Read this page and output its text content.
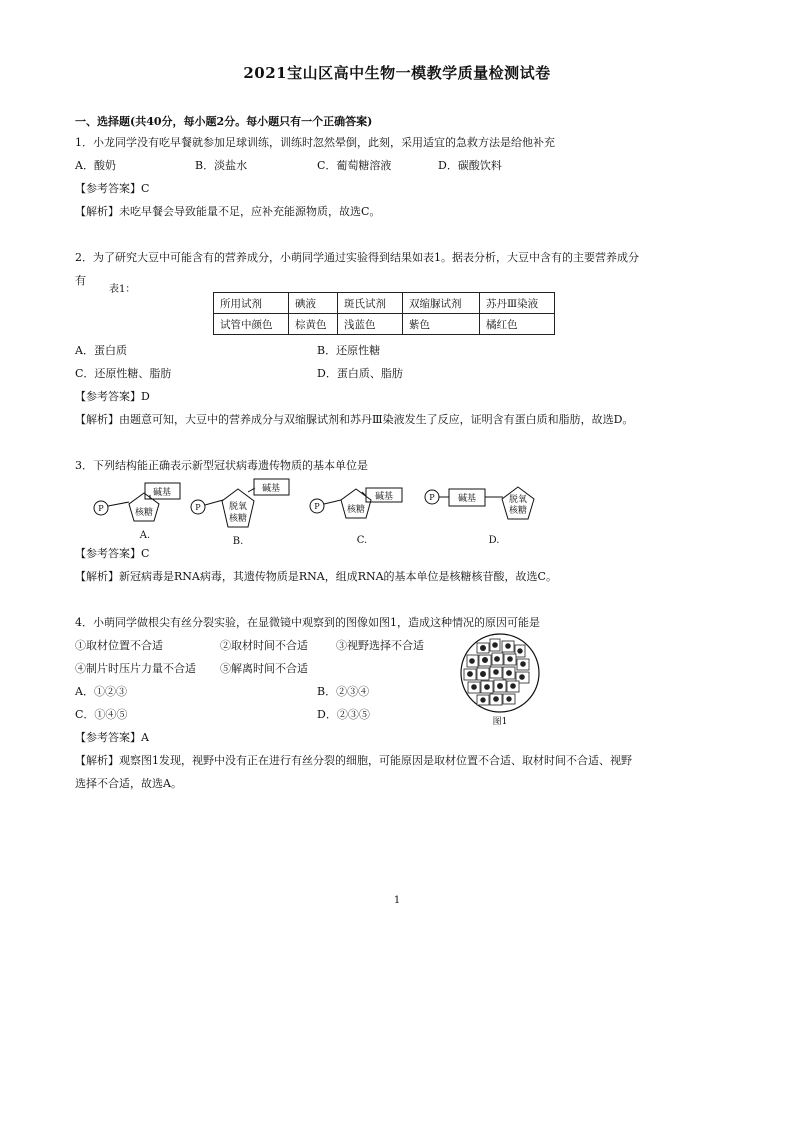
2021宝山区高中生物一模教学质量检测试卷
一、选择题(共40分，每小题2分。每小题只有一个正确答案)
1．小龙同学没有吃早餐就参加足球训练，训练时忽然晕倒，此刻，采用适宜的急救方法是给他补充
A．酸奶	B．淡盐水	C．葡萄糖溶液	D．碳酸饮料
【参考答案】C
【解析】未吃早餐会导致能量不足，应补充能源物质，故选C。
2．为了研究大豆中可能含有的营养成分，小萌同学通过实验得到结果如表1。据表分析，大豆中含有的主要营养成分
有
表1：
所用试剂	碘液	斑氏试剂	双缩脲试剂	苏丹Ⅲ染液
试管中颜色	棕黄色	浅蓝色	紫色	橘红色
A．蛋白质	B．还原性糖
C．还原性糖、脂肪	D．蛋白质、脂肪
【参考答案】D
【解析】由题意可知，大豆中的营养成分与双缩脲试剂和苏丹Ⅲ染液发生了反应，证明含有蛋白质和脂肪，故选D。
3．下列结构能正确表示新型冠状病毒遗传物质的基本单位是
P
碱基
核糖
P
碱基
脱氧
核糖
P
碱基
核糖
P	碱基	脱氧
核糖
A.
B.	C.	D.
【参考答案】C
【解析】新冠病毒是RNA病毒，其遗传物质是RNA，组成RNA的基本单位是核糖核苷酸，故选C。
4．小萌同学做根尖有丝分裂实验，在显微镜中观察到的图像如图1，造成这种情况的原因可能是
①取材位置不合适	②取材时间不合适	③视野选择不合适
④制片时压片力量不合适 ⑤解离时间不合适
A．①②③	B．②③④
C．①④⑤	D．②③⑤
图1
【参考答案】A
【解析】观察图1发现，视野中没有正在进行有丝分裂的细胞，可能原因是取材位置不合适、取材时间不合适、视野
选择不合适，故选A。
1
